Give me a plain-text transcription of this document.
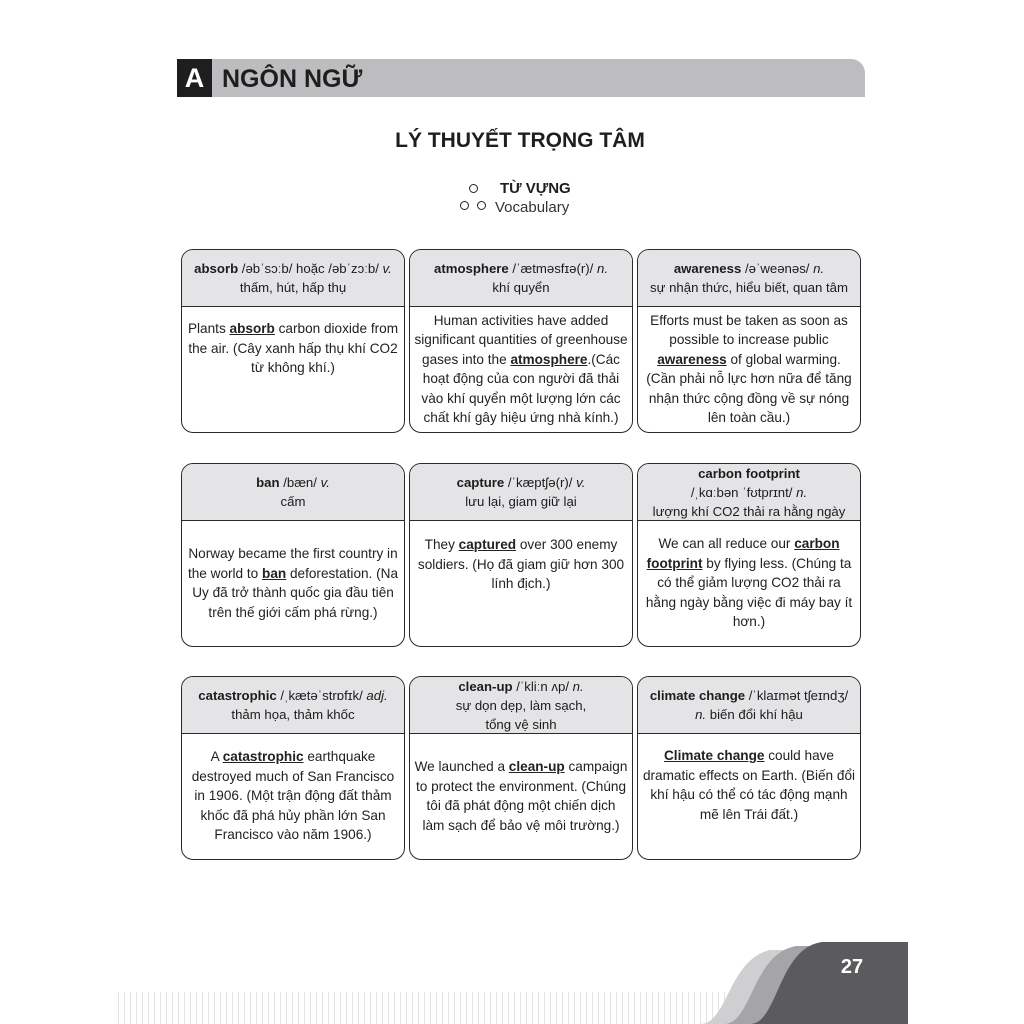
A NGÔN NGỮ
LÝ THUYẾT TRỌNG TÂM
TỪ VỰNG
Vocabulary
absorb /əbˈsɔːb/ hoặc /əbˈzɔːb/ v.
thấm, hút, hấp thụ
Plants absorb carbon dioxide from the air. (Cây xanh hấp thụ khí CO2 từ không khí.)
atmosphere /ˈætməsfɪə(r)/ n.
khí quyển
Human activities have added significant quantities of greenhouse gases into the atmosphere.(Các hoạt động của con người đã thải vào khí quyển một lượng lớn các chất khí gây hiệu ứng nhà kính.)
awareness /əˈweənəs/ n.
sự nhận thức, hiểu biết, quan tâm
Efforts must be taken as soon as possible to increase public awareness of global warming. (Cần phải nỗ lực hơn nữa để tăng nhận thức cộng đồng về sự nóng lên toàn cầu.)
ban /bæn/ v.
cấm
Norway became the first country in the world to ban deforestation. (Na Uy đã trở thành quốc gia đầu tiên trên thế giới cấm phá rừng.)
capture /ˈkæptʃə(r)/ v.
lưu lại, giam giữ lại
They captured over 300 enemy soldiers. (Họ đã giam giữ hơn 300 lính địch.)
carbon footprint
/ˌkɑːbən ˈfʊtprɪnt/ n.
lượng khí CO2 thải ra hằng ngày
We can all reduce our carbon footprint by flying less. (Chúng ta có thể giảm lượng CO2 thải ra hằng ngày bằng việc đi máy bay ít hơn.)
catastrophic /ˌkætəˈstrɒfɪk/ adj.
thảm họa, thảm khốc
A catastrophic earthquake destroyed much of San Francisco in 1906. (Một trận động đất thảm khốc đã phá hủy phần lớn San Francisco vào năm 1906.)
clean-up /ˈkliːn ʌp/ n.
sự dọn dẹp, làm sạch, tổng vệ sinh
We launched a clean-up campaign to protect the environment. (Chúng tôi đã phát động một chiến dịch làm sạch để bảo vệ môi trường.)
climate change /ˈklaɪmət tʃeɪndʒ/
n. biến đổi khí hậu
Climate change could have dramatic effects on Earth. (Biến đổi khí hậu có thể có tác động mạnh mẽ lên Trái đất.)
27
